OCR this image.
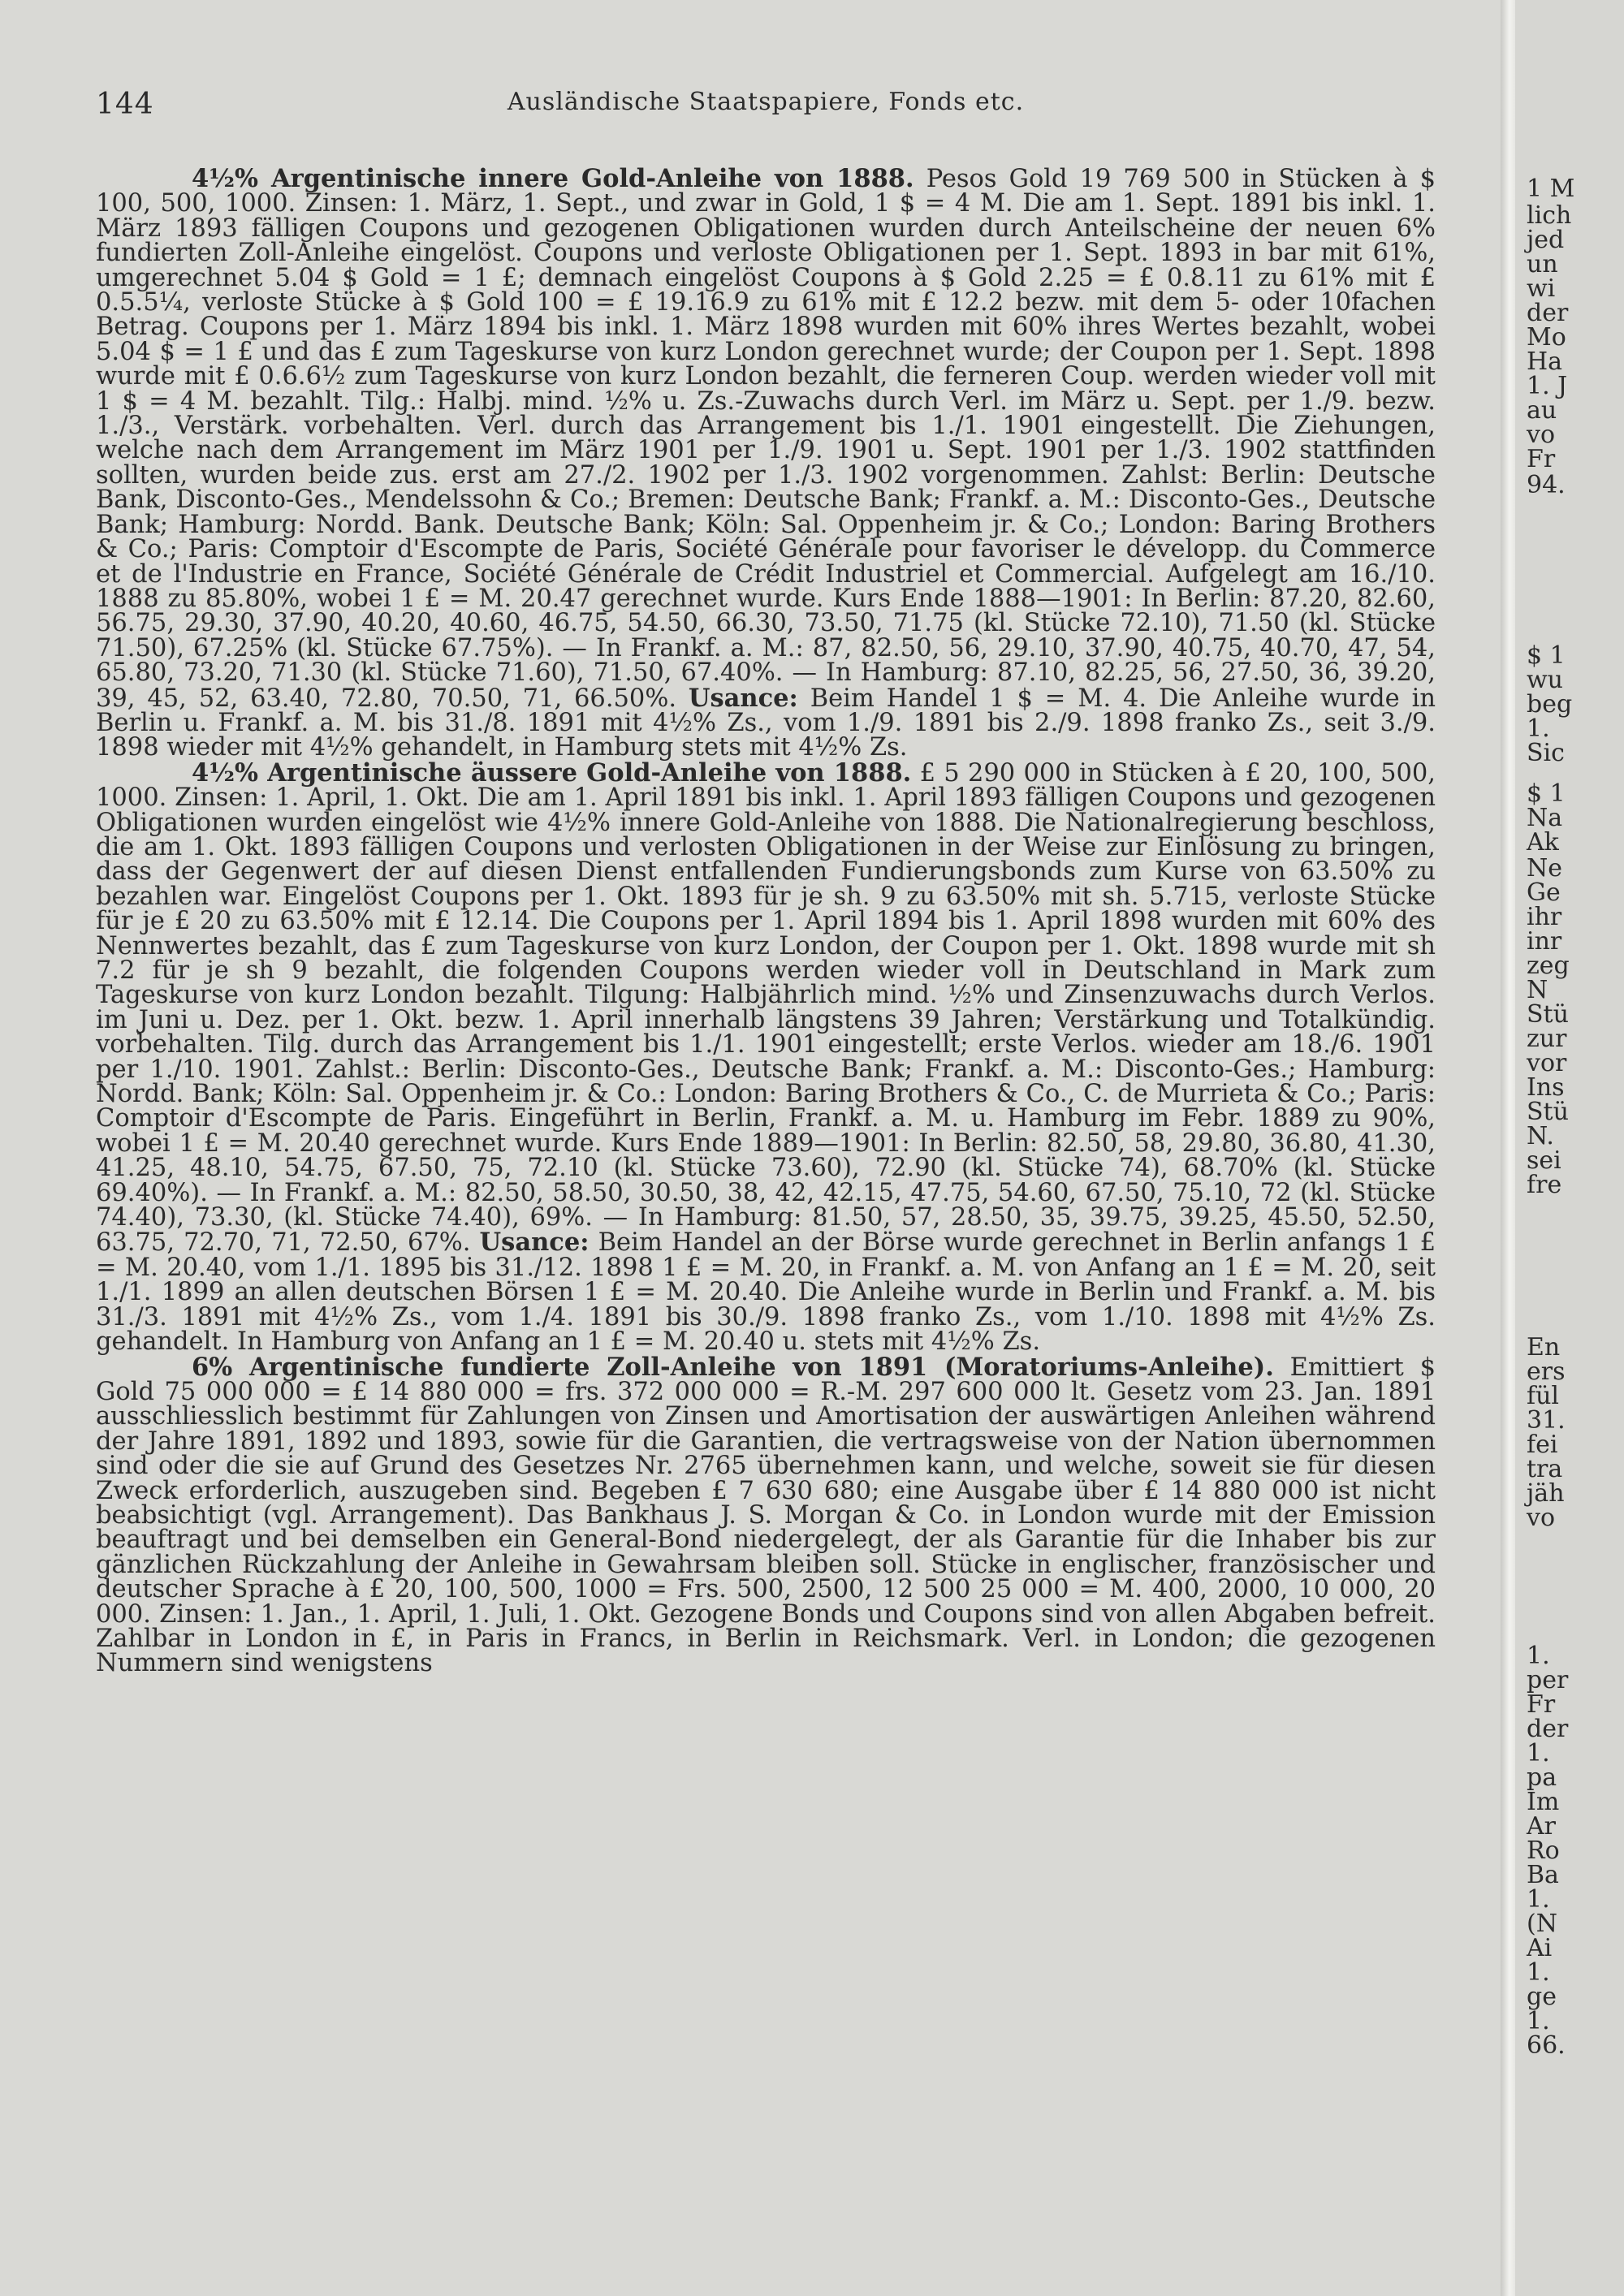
144	Ausländische Staatspapiere, Fonds etc.

4½% Argentinische innere Gold-Anleihe von 1888. Pesos Gold 19 769 500 in Stücken à $ 100, 500, 1000. Zinsen: 1. März, 1. Sept., und zwar in Gold, 1 $ = 4 M. Die am 1. Sept. 1891 bis inkl. 1. März 1893 fälligen Coupons und gezogenen Obligationen wurden durch Anteilscheine der neuen 6% fundierten Zoll-Anleihe eingelöst. Coupons und verloste Obligationen per 1. Sept. 1893 in bar mit 61%, umgerechnet 5.04 $ Gold = 1 £; demnach eingelöst Coupons à $ Gold 2.25 = £ 0.8.11 zu 61% mit £ 0.5.5¼, verloste Stücke à $ Gold 100 = £ 19.16.9 zu 61% mit £ 12.2 bezw. mit dem 5- oder 10fachen Betrag. Coupons per 1. März 1894 bis inkl. 1. März 1898 wurden mit 60% ihres Wertes bezahlt, wobei 5.04 $ = 1 £ und das £ zum Tageskurse von kurz London gerechnet wurde; der Coupon per 1. Sept. 1898 wurde mit £ 0.6.6½ zum Tageskurse von kurz London bezahlt, die ferneren Coup. werden wieder voll mit 1 $ = 4 M. bezahlt. Tilg.: Halbj. mind. ½% u. Zs.-Zuwachs durch Verl. im März u. Sept. per 1./9. bezw. 1./3., Verstärk. vorbehalten. Verl. durch das Arrangement bis 1./1. 1901 eingestellt. Die Ziehungen, welche nach dem Arrangement im März 1901 per 1./9. 1901 u. Sept. 1901 per 1./3. 1902 stattfinden sollten, wurden beide zus. erst am 27./2. 1902 per 1./3. 1902 vorgenommen. Zahlst: Berlin: Deutsche Bank, Disconto-Ges., Mendelssohn & Co.; Bremen: Deutsche Bank; Frankf. a. M.: Disconto-Ges., Deutsche Bank; Hamburg: Nordd. Bank. Deutsche Bank; Köln: Sal. Oppenheim jr. & Co.; London: Baring Brothers & Co.; Paris: Comptoir d'Escompte de Paris, Société Générale pour favoriser le développ. du Commerce et de l'Industrie en France, Société Générale de Crédit Industriel et Commercial. Aufgelegt am 16./10. 1888 zu 85.80%, wobei 1 £ = M. 20.47 gerechnet wurde. Kurs Ende 1888—1901: In Berlin: 87.20, 82.60, 56.75, 29.30, 37.90, 40.20, 40.60, 46.75, 54.50, 66.30, 73.50, 71.75 (kl. Stücke 72.10), 71.50 (kl. Stücke 71.50), 67.25% (kl. Stücke 67.75%). — In Frankf. a. M.: 87, 82.50, 56, 29.10, 37.90, 40.75, 40.70, 47, 54, 65.80, 73.20, 71.30 (kl. Stücke 71.60), 71.50, 67.40%. — In Hamburg: 87.10, 82.25, 56, 27.50, 36, 39.20, 39, 45, 52, 63.40, 72.80, 70.50, 71, 66.50%. Usance: Beim Handel 1 $ = M. 4. Die Anleihe wurde in Berlin u. Frankf. a. M. bis 31./8. 1891 mit 4½% Zs., vom 1./9. 1891 bis 2./9. 1898 franko Zs., seit 3./9. 1898 wieder mit 4½% gehandelt, in Hamburg stets mit 4½% Zs.

4½% Argentinische äussere Gold-Anleihe von 1888. £ 5 290 000 in Stücken à £ 20, 100, 500, 1000. Zinsen: 1. April, 1. Okt. Die am 1. April 1891 bis inkl. 1. April 1893 fälligen Coupons und gezogenen Obligationen wurden eingelöst wie 4½% innere Gold-Anleihe von 1888. Die Nationalregierung beschloss, die am 1. Okt. 1893 fälligen Coupons und verlosten Obligationen in der Weise zur Einlösung zu bringen, dass der Gegenwert der auf diesen Dienst entfallenden Fundierungsbonds zum Kurse von 63.50% zu bezahlen war. Eingelöst Coupons per 1. Okt. 1893 für je sh. 9 zu 63.50% mit sh. 5.715, verloste Stücke für je £ 20 zu 63.50% mit £ 12.14. Die Coupons per 1. April 1894 bis 1. April 1898 wurden mit 60% des Nennwertes bezahlt, das £ zum Tageskurse von kurz London, der Coupon per 1. Okt. 1898 wurde mit sh 7.2 für je sh 9 bezahlt, die folgenden Coupons werden wieder voll in Deutschland in Mark zum Tageskurse von kurz London bezahlt. Tilgung: Halbjährlich mind. ½% und Zinsenzuwachs durch Verlos. im Juni u. Dez. per 1. Okt. bezw. 1. April innerhalb längstens 39 Jahren; Verstärkung und Totalkündig. vorbehalten. Tilg. durch das Arrangement bis 1./1. 1901 eingestellt; erste Verlos. wieder am 18./6. 1901 per 1./10. 1901. Zahlst.: Berlin: Disconto-Ges., Deutsche Bank; Frankf. a. M.: Disconto-Ges.; Hamburg: Nordd. Bank; Köln: Sal. Oppenheim jr. & Co.: London: Baring Brothers & Co., C. de Murrieta & Co.; Paris: Comptoir d'Escompte de Paris. Eingeführt in Berlin, Frankf. a. M. u. Hamburg im Febr. 1889 zu 90%, wobei 1 £ = M. 20.40 gerechnet wurde. Kurs Ende 1889—1901: In Berlin: 82.50, 58, 29.80, 36.80, 41.30, 41.25, 48.10, 54.75, 67.50, 75, 72.10 (kl. Stücke 73.60), 72.90 (kl. Stücke 74), 68.70% (kl. Stücke 69.40%). — In Frankf. a. M.: 82.50, 58.50, 30.50, 38, 42, 42.15, 47.75, 54.60, 67.50, 75.10, 72 (kl. Stücke 74.40), 73.30, (kl. Stücke 74.40), 69%. — In Hamburg: 81.50, 57, 28.50, 35, 39.75, 39.25, 45.50, 52.50, 63.75, 72.70, 71, 72.50, 67%. Usance: Beim Handel an der Börse wurde gerechnet in Berlin anfangs 1 £ = M. 20.40, vom 1./1. 1895 bis 31./12. 1898 1 £ = M. 20, in Frankf. a. M. von Anfang an 1 £ = M. 20, seit 1./1. 1899 an allen deutschen Börsen 1 £ = M. 20.40. Die Anleihe wurde in Berlin und Frankf. a. M. bis 31./3. 1891 mit 4½% Zs., vom 1./4. 1891 bis 30./9. 1898 franko Zs., vom 1./10. 1898 mit 4½% Zs. gehandelt. In Hamburg von Anfang an 1 £ = M. 20.40 u. stets mit 4½% Zs.

6% Argentinische fundierte Zoll-Anleihe von 1891 (Moratoriums-Anleihe). Emittiert $ Gold 75 000 000 = £ 14 880 000 = frs. 372 000 000 = R.-M. 297 600 000 lt. Gesetz vom 23. Jan. 1891 ausschliesslich bestimmt für Zahlungen von Zinsen und Amortisation der auswärtigen Anleihen während der Jahre 1891, 1892 und 1893, sowie für die Garantien, die vertragsweise von der Nation übernommen sind oder die sie auf Grund des Gesetzes Nr. 2765 übernehmen kann, und welche, soweit sie für diesen Zweck erforderlich, auszugeben sind. Begeben £ 7 630 680; eine Ausgabe über £ 14 880 000 ist nicht beabsichtigt (vgl. Arrangement). Das Bankhaus J. S. Morgan & Co. in London wurde mit der Emission beauftragt und bei demselben ein General-Bond niedergelegt, der als Garantie für die Inhaber bis zur gänzlichen Rückzahlung der Anleihe in Gewahrsam bleiben soll. Stücke in englischer, französischer und deutscher Sprache à £ 20, 100, 500, 1000 = Frs. 500, 2500, 12 500 25 000 = M. 400, 2000, 10 000, 20 000. Zinsen: 1. Jan., 1. April, 1. Juli, 1. Okt. Gezogene Bonds und Coupons sind von allen Abgaben befreit. Zahlbar in London in £, in Paris in Francs, in Berlin in Reichsmark. Verl. in London; die gezogenen Nummern sind wenigstens

1 M
lich
jed
un
wi
der
Mo
Ha
1. J
au
vo
Fr
94.
$ 1
wu
beg
1.
Sic
$ 1
Na
Ak
Ne
Ge
ihr
inr
zeg
N
Stü
zur
vor
Ins
Stü
N.
sei
fre
En
ers
fül
31.
fei
tra
jäh
vo
1.
per
Fr
der
1.
pa
Im
Ar
Ro
Ba
1.
(N
Ai
1.
ge
1.
66.
